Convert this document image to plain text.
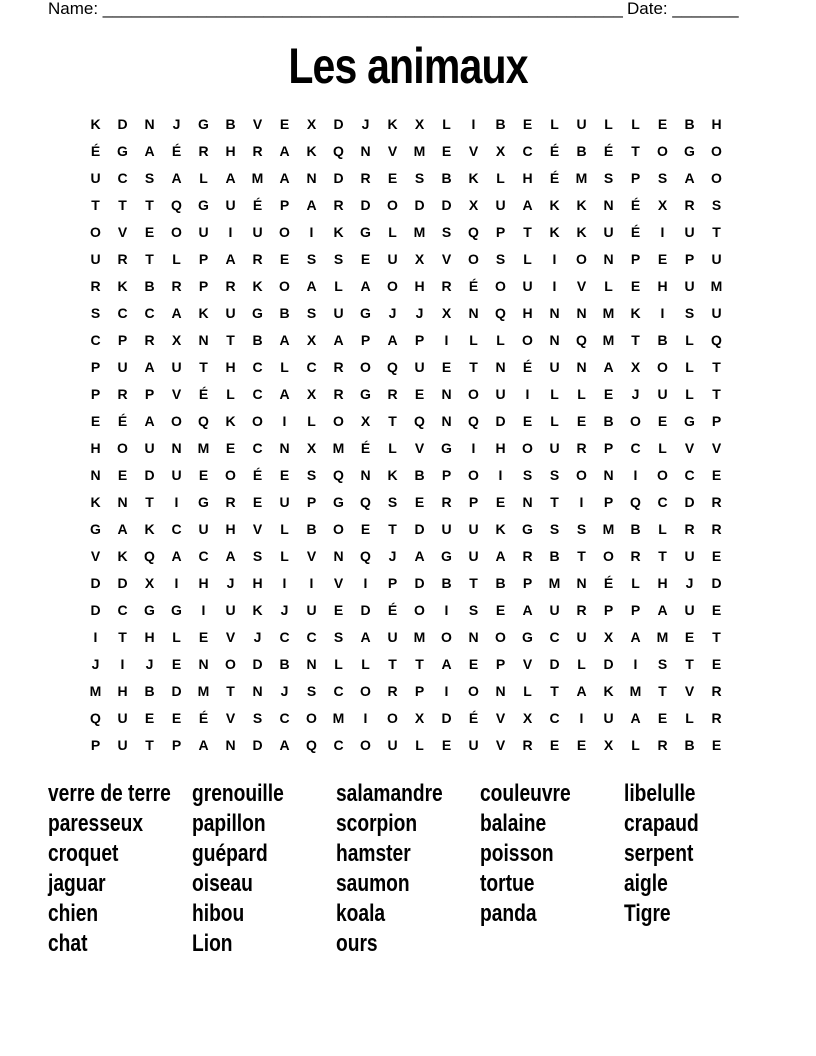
Name: _______________________________________________________ Date: _______
Les animaux
K	D	N	J	G	B	V	E	X	D	J	K	X	L	I	B	E	L	U	L	L	E	B	H
É	G	A	É	R	H	R	A	K	Q	N	V	M	E	V	X	C	É	B	É	T	O	G	O
U	C	S	A	L	A	M	A	N	D	R	E	S	B	K	L	H	É	M	S	P	S	A	O
T	T	T	Q	G	U	É	P	A	R	D	O	D	D	X	U	A	K	K	N	É	X	R	S
O	V	E	O	U	I	U	O	I	K	G	L	M	S	Q	P	T	K	K	U	É	I	U	T
U	R	T	L	P	A	R	E	S	S	E	U	X	V	O	S	L	I	O	N	P	E	P	U
R	K	B	R	P	R	K	O	A	L	A	O	H	R	É	O	U	I	V	L	E	H	U	M
S	C	C	A	K	U	G	B	S	U	G	J	J	X	N	Q	H	N	N	M	K	I	S	U
C	P	R	X	N	T	B	A	X	A	P	A	P	I	L	L	O	N	Q	M	T	B	L	Q
P	U	A	U	T	H	C	L	C	R	O	Q	U	E	T	N	É	U	N	A	X	O	L	T
P	R	P	V	É	L	C	A	X	R	G	R	E	N	O	U	I	L	L	E	J	U	L	T
E	É	A	O	Q	K	O	I	L	O	X	T	Q	N	Q	D	E	L	E	B	O	E	G	P
H	O	U	N	M	E	C	N	X	M	É	L	V	G	I	H	O	U	R	P	C	L	V	V
N	E	D	U	E	O	É	E	S	Q	N	K	B	P	O	I	S	S	O	N	I	O	C	E
K	N	T	I	G	R	E	U	P	G	Q	S	E	R	P	E	N	T	I	P	Q	C	D	R
G	A	K	C	U	H	V	L	B	O	E	T	D	U	U	K	G	S	S	M	B	L	R	R
V	K	Q	A	C	A	S	L	V	N	Q	J	A	G	U	A	R	B	T	O	R	T	U	E
D	D	X	I	H	J	H	I	I	V	I	P	D	B	T	B	P	M	N	É	L	H	J	D
D	C	G	G	I	U	K	J	U	E	D	É	O	I	S	E	A	U	R	P	P	A	U	E
I	T	H	L	E	V	J	C	C	S	A	U	M	O	N	O	G	C	U	X	A	M	E	T
J	I	J	E	N	O	D	B	N	L	L	T	T	A	E	P	V	D	L	D	I	S	T	E
M	H	B	D	M	T	N	J	S	C	O	R	P	I	O	N	L	T	A	K	M	T	V	R
Q	U	E	E	É	V	S	C	O	M	I	O	X	D	É	V	X	C	I	U	A	E	L	R
P	U	T	P	A	N	D	A	Q	C	O	U	L	E	U	V	R	E	E	X	L	R	B	E
verre de terre
paresseux
croquet
jaguar
chien
chat
grenouille
papillon
guépard
oiseau
hibou
Lion
salamandre
scorpion
hamster
saumon
koala
ours
couleuvre
balaine
poisson
tortue
panda
libelulle
crapaud
serpent
aigle
Tigre
